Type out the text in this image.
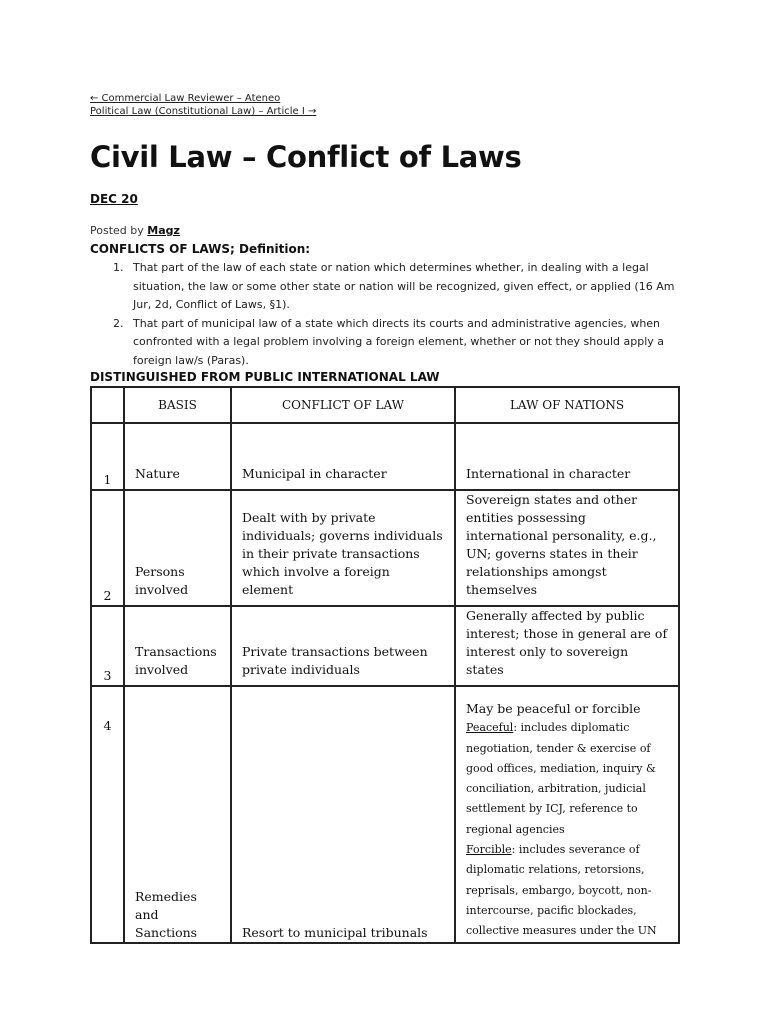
← Commercial Law Reviewer – Ateneo
Political Law (Constitutional Law) – Article I →
Civil Law – Conflict of Laws
DEC 20
Posted by Magz
CONFLICTS OF LAWS; Definition:
1. That part of the law of each state or nation which determines whether, in dealing with a legal situation, the law or some other state or nation will be recognized, given effect, or applied (16 Am Jur, 2d, Conflict of Laws, §1).
2. That part of municipal law of a state which directs its courts and administrative agencies, when confronted with a legal problem involving a foreign element, whether or not they should apply a foreign law/s (Paras).
DISTINGUISHED FROM PUBLIC INTERNATIONAL LAW
	BASIS	CONFLICT OF LAW	LAW OF NATIONS
1	Nature	Municipal in character	International in character
2	Persons involved	Dealt with by private individuals; governs individuals in their private transactions which involve a foreign element	Sovereign states and other entities possessing international personality, e.g., UN; governs states in their relationships amongst themselves
3	Transactions involved	Private transactions between private individuals	Generally affected by public interest; those in general are of interest only to sovereign states
4	Remedies and Sanctions	Resort to municipal tribunals	May be peaceful or forcible
Peaceful: includes diplomatic negotiation, tender & exercise of good offices, mediation, inquiry & conciliation, arbitration, judicial settlement by ICJ, reference to regional agencies
Forcible: includes severance of diplomatic relations, retorsions, reprisals, embargo, boycott, non-intercourse, pacific blockades, collective measures under the UN
